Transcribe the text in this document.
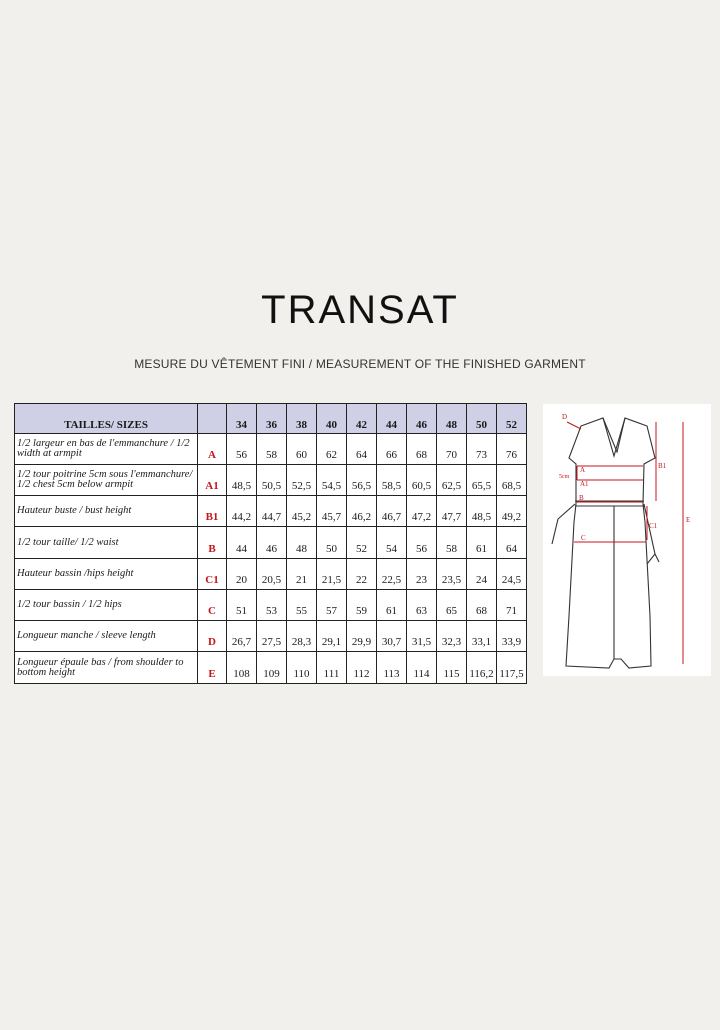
TRANSAT
MESURE DU VÊTEMENT FINI / MEASUREMENT OF THE FINISHED GARMENT
TAILLES/ SIZES		34	36	38	40	42	44	46	48	50	52
1/2 largeur en bas de l'emmanchure / 1/2 width at armpit	A	56	58	60	62	64	66	68	70	73	76
1/2 tour poitrine 5cm sous l'emmanchure/ 1/2 chest 5cm below armpit	A1	48,5	50,5	52,5	54,5	56,5	58,5	60,5	62,5	65,5	68,5
Hauteur buste / bust height	B1	44,2	44,7	45,2	45,7	46,2	46,7	47,2	47,7	48,5	49,2
1/2 tour taille/ 1/2 waist	B	44	46	48	50	52	54	56	58	61	64
Hauteur bassin /hips height	C1	20	20,5	21	21,5	22	22,5	23	23,5	24	24,5
1/2 tour bassin / 1/2 hips	C	51	53	55	57	59	61	63	65	68	71
Longueur manche / sleeve length	D	26,7	27,5	28,3	29,1	29,9	30,7	31,5	32,3	33,1	33,9
Longueur épaule bas / from shoulder to bottom height	E	108	109	110	111	112	113	114	115	116,2	117,5
D
B1
E
A
A1
5cm
B
C1
C
